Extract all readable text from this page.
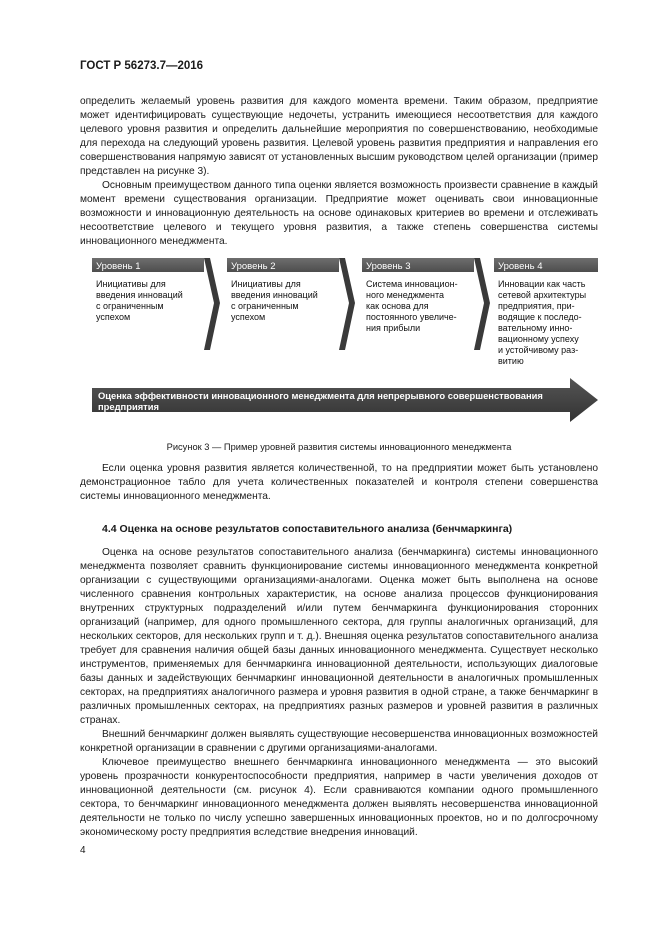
ГОСТ Р 56273.7—2016

определить желаемый уровень развития для каждого момента времени. Таким образом, предприятие может идентифицировать существующие недочеты, устранить имеющиеся несоответствия для каждого целевого уровня развития и определить дальнейшие мероприятия по совершенствованию, необходимые для перехода на следующий уровень развития. Целевой уровень развития предприятия и направления его совершенствования напрямую зависят от установленных высшим руководством целей организации (пример представлен на рисунке 3).

Основным преимуществом данного типа оценки является возможность произвести сравнение в каждый момент времени существования организации. Предприятие может оценивать свои инновационные возможности и инновационную деятельность на основе одинаковых критериев во времени и отслеживать несоответствие целевого и текущего уровня развития, а также степень совершенства системы инновационного менеджмента.

Уровень 1
Инициативы для
введения инноваций
с ограниченным
успехом
Уровень 2
Инициативы для
введения инноваций
с ограниченным
успехом
Уровень 3
Система инновацион-
ного менеджмента
как основа для
постоянного увеличе-
ния прибыли
Уровень 4
Инновации как часть
сетевой архитектуры
предприятия, при-
водящие к последо-
вательному инно-
вационному успеху
и устойчивому раз-
витию
Оценка эффективности инновационного менеджмента для непрерывного совершенствования
предприятия
Рисунок 3 — Пример уровней развития системы инновационного менеджмента

Если оценка уровня развития является количественной, то на предприятии может быть установлено демонстрационное табло для учета количественных показателей и контроля степени совершенства системы инновационного менеджмента.

4.4 Оценка на основе результатов сопоставительного анализа (бенчмаркинга)

Оценка на основе результатов сопоставительного анализа (бенчмаркинга) системы инновационного менеджмента позволяет сравнить функционирование системы инновационного менеджмента конкретной организации с существующими организациями-аналогами. Оценка может быть выполнена на основе численного сравнения контрольных характеристик, на основе анализа процессов функционирования внутренних структурных подразделений и/или путем бенчмаркинга функционирования сторонних организаций (например, для одного промышленного сектора, для группы аналогичных организаций, для нескольких секторов, для нескольких групп и т. д.). Внешняя оценка результатов сопоставительного анализа требует для сравнения наличия общей базы данных инновационного менеджмента. Существует несколько инструментов, применяемых для бенчмаркинга инновационной деятельности, использующих диалоговые базы данных и задействующих бенчмаркинг инновационной деятельности в аналогичных промышленных секторах, на предприятиях аналогичного размера и уровня развития в одной стране, а также бенчмаркинг в различных промышленных секторах, на предприятиях разных размеров и уровней развития в различных странах.

Внешний бенчмаркинг должен выявлять существующие несовершенства инновационных возможностей конкретной организации в сравнении с другими организациями-аналогами.

Ключевое преимущество внешнего бенчмаркинга инновационного менеджмента — это высокий уровень прозрачности конкурентоспособности предприятия, например в части увеличения доходов от инновационной деятельности (см. рисунок 4). Если сравниваются компании одного промышленного сектора, то бенчмаркинг инновационного менеджмента должен выявлять несовершенства инновационной деятельности не только по числу успешно завершенных инновационных проектов, но и по долгосрочному экономическому росту предприятия вследствие внедрения инноваций.

4
